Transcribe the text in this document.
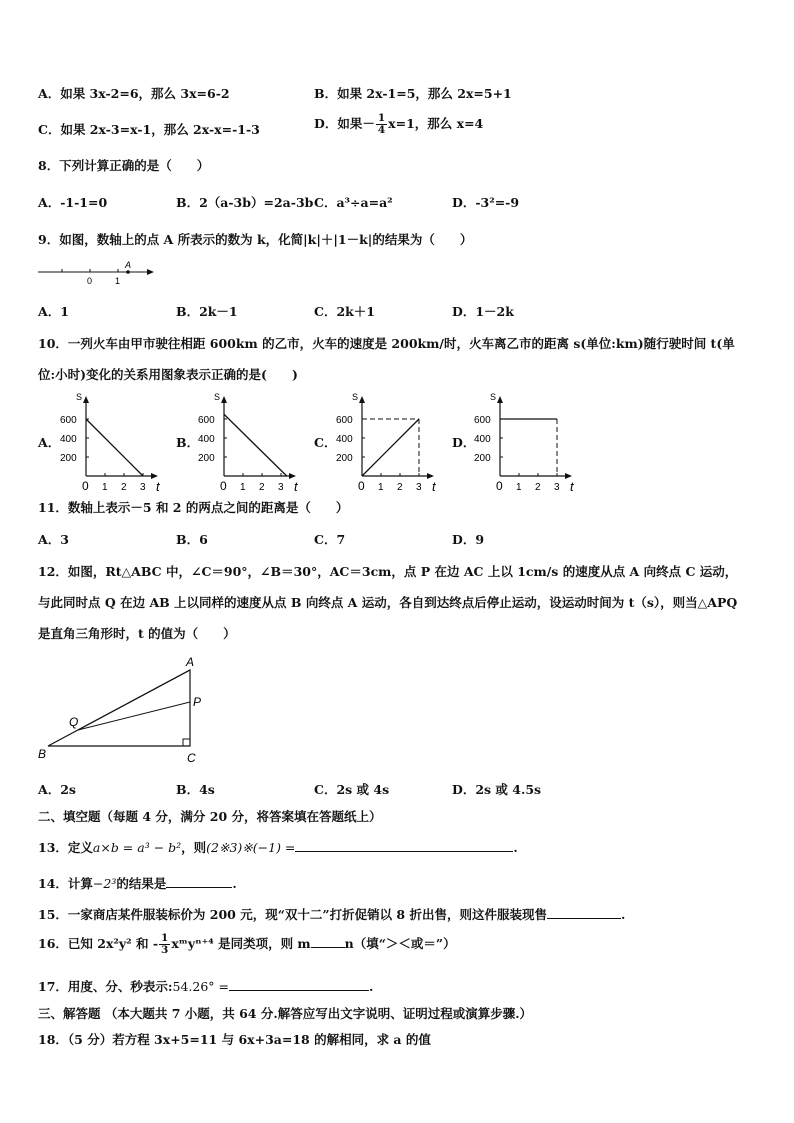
A．如果 3x-2=6，那么 3x=6-2	B．如果 2x-1=5，那么 2x=5+1
C．如果 2x-3=x-1，那么 2x-x=-1-3	D．如果－ $\frac{1}{4} x=1$，那么 x=4
8．下列计算正确的是（　　）
A．-1-1=0	B．2（a-3b）=2a-3b C．a³÷a=a²	D．-3²=-9
9．如图，数轴上的点 A 所表示的数为 k，化简|k|＋|1－k|的结果为（　　）
0	1
A
A．1	B．2k－1	C．2k＋1	D．1－2k
10．一列火车由甲市驶往相距 600km 的乙市，火车的速度是 200km/时，火车离乙市的距离 s(单位:km)随行驶时间 t(单
位:小时)变化的关系用图象表示正确的是(　　)
A．	B．	C．	D．
S
t
600
400
200
0 1 2 3
S
t
600
400
200
0 1 2 3
S
t
600
400
200
0 1 2 3
S
t
600
400
200
0 1 2 3
11．数轴上表示－5 和 2 的两点之间的距离是（　　）
A．3	B．6	C．7	D．9
12．如图，Rt△ABC 中，∠C＝90°，∠B＝30°，AC＝3cm，点 P 在边 AC 上以 1cm/s 的速度从点 A 向终点 C 运动，
与此同时点 Q 在边 AB 上以同样的速度从点 B 向终点 A 运动，各自到达终点后停止运动，设运动时间为 t（s），则当△APQ
是直角三角形时，t 的值为（　　）
A
B	C
P
Q
A．2s	B．4s	C．2s 或 4s	D．2s 或 4.5s
二、填空题（每题 4 分，满分 20 分，将答案填在答题纸上）
13．定义a×b = a³ − b²，则(2※3)※(−1) =	.
14．计算−2³的结果是	.
15．一家商店某件服装标价为 200 元，现“双十二”打折促销以 8 折出售，则这件服装现售	.
16．已知 2x²y² 和 - $\frac{1}{3}$ xᵐyⁿ⁺⁴ 是同类项，则 m	n（填“＞＜或＝”）
17．用度、分、秒表示:54.26° =	.
三、解答题 （本大题共 7 小题，共 64 分.解答应写出文字说明、证明过程或演算步骤.）
18．（5 分）若方程 3x+5=11 与 6x+3a=18 的解相同，求 a 的值
